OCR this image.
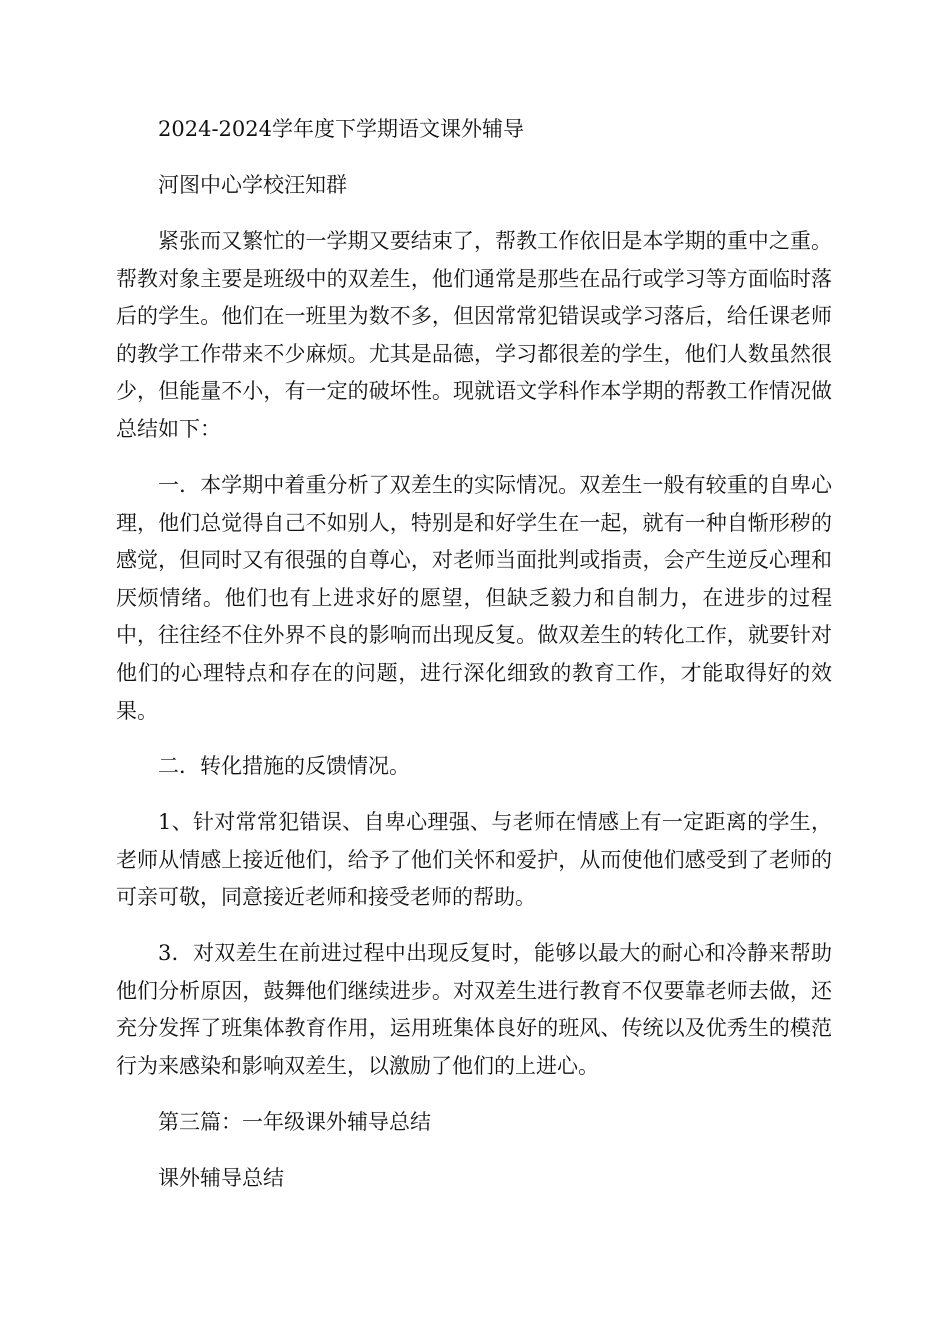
2024-2024学年度下学期语文课外辅导

河图中心学校汪知群

紧张而又繁忙的一学期又要结束了，帮教工作依旧是本学期的重中之重。帮教对象主要是班级中的双差生，他们通常是那些在品行或学习等方面临时落后的学生。他们在一班里为数不多，但因常常犯错误或学习落后，给任课老师的教学工作带来不少麻烦。尤其是品德，学习都很差的学生，他们人数虽然很少，但能量不小，有一定的破坏性。现就语文学科作本学期的帮教工作情况做总结如下：

一．本学期中着重分析了双差生的实际情况。双差生一般有较重的自卑心理，他们总觉得自己不如别人，特别是和好学生在一起，就有一种自惭形秽的感觉，但同时又有很强的自尊心，对老师当面批判或指责，会产生逆反心理和厌烦情绪。他们也有上进求好的愿望，但缺乏毅力和自制力，在进步的过程中，往往经不住外界不良的影响而出现反复。做双差生的转化工作，就要针对他们的心理特点和存在的问题，进行深化细致的教育工作，才能取得好的效果。

二．转化措施的反馈情况。

1、针对常常犯错误、自卑心理强、与老师在情感上有一定距离的学生，老师从情感上接近他们，给予了他们关怀和爱护，从而使他们感受到了老师的可亲可敬，同意接近老师和接受老师的帮助。

3．对双差生在前进过程中出现反复时，能够以最大的耐心和冷静来帮助他们分析原因，鼓舞他们继续进步。对双差生进行教育不仅要靠老师去做，还充分发挥了班集体教育作用，运用班集体良好的班风、传统以及优秀生的模范行为来感染和影响双差生，以激励了他们的上进心。

第三篇：一年级课外辅导总结

课外辅导总结
